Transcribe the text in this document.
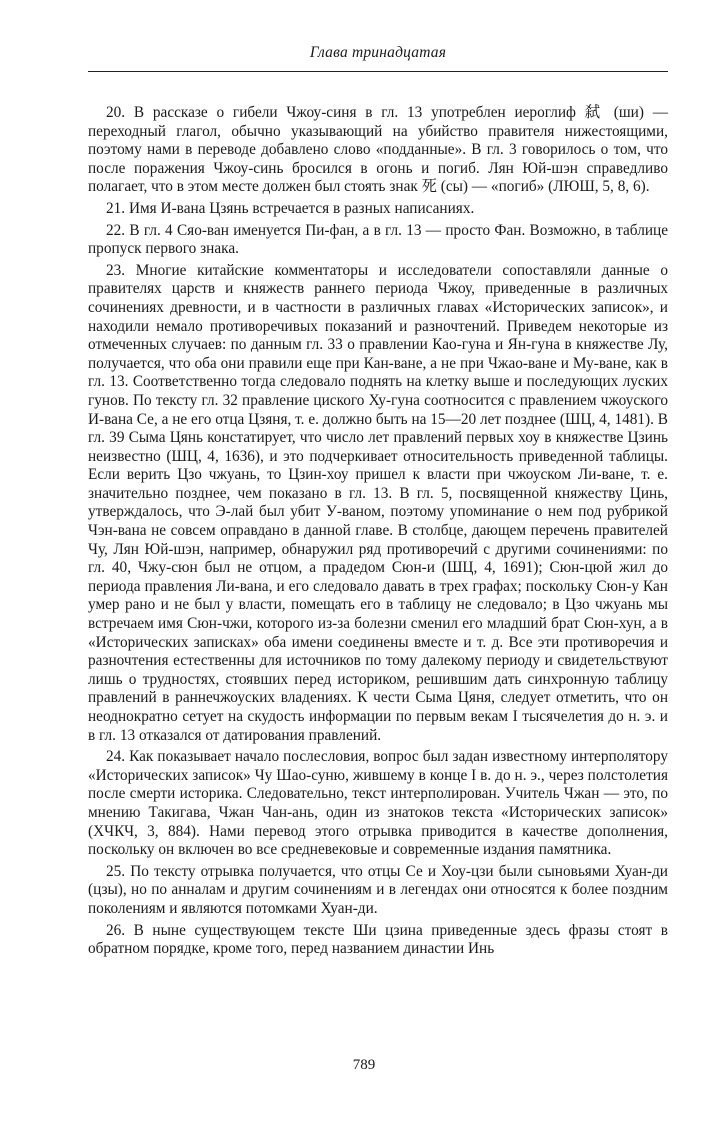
Глава тринадцатая

20. В рассказе о гибели Чжоу-синя в гл. 13 употреблен иероглиф 弑 (ши) — переходный глагол, обычно указывающий на убийство правителя нижестоящими, поэтому нами в переводе добавлено слово «подданные». В гл. 3 говорилось о том, что после поражения Чжоу-синь бросился в огонь и погиб. Лян Юй-шэн справедливо полагает, что в этом месте должен был стоять знак 死 (сы) — «погиб» (ЛЮШ, 5, 8, 6).

21. Имя И-вана Цзянь встречается в разных написаниях.

22. В гл. 4 Сяо-ван именуется Пи-фан, а в гл. 13 — просто Фан. Возможно, в таблице пропуск первого знака.

23. Многие китайские комментаторы и исследователи сопоставляли данные о правителях царств и княжеств раннего периода Чжоу, приведенные в различных сочинениях древности, и в частности в различных главах «Исторических записок», и находили немало противоречивых показаний и разночтений. Приведем некоторые из отмеченных случаев: по данным гл. 33 о правлении Као-гуна и Ян-гуна в княжестве Лу, получается, что оба они правили еще при Кан-ване, а не при Чжао-ване и Му-ване, как в гл. 13. Соответственно тогда следовало поднять на клетку выше и последующих луских гунов. По тексту гл. 32 правление циского Ху-гуна соотносится с правлением чжоуского И-вана Се, а не его отца Цзяня, т. е. должно быть на 15—20 лет позднее (ШЦ, 4, 1481). В гл. 39 Сыма Цянь констатирует, что число лет правлений первых хоу в княжестве Цзинь неизвестно (ШЦ, 4, 1636), и это подчеркивает относительность приведенной таблицы. Если верить Цзо чжуань, то Цзин-хоу пришел к власти при чжоуском Ли-ване, т. е. значительно позднее, чем показано в гл. 13. В гл. 5, посвященной княжеству Цинь, утверждалось, что Э-лай был убит У-ваном, поэтому упоминание о нем под рубрикой Чэн-вана не совсем оправдано в данной главе. В столбце, дающем перечень правителей Чу, Лян Юй-шэн, например, обнаружил ряд противоречий с другими сочинениями: по гл. 40, Чжу-сюн был не отцом, а прадедом Сюн-и (ШЦ, 4, 1691); Сюн-цюй жил до периода правления Ли-вана, и его следовало давать в трех графах; поскольку Сюн-у Кан умер рано и не был у власти, помещать его в таблицу не следовало; в Цзо чжуань мы встречаем имя Сюн-чжи, которого из-за болезни сменил его младший брат Сюн-хун, а в «Исторических записках» оба имени соединены вместе и т. д. Все эти противоречия и разночтения естественны для источников по тому далекому периоду и свидетельствуют лишь о трудностях, стоявших перед историком, решившим дать синхронную таблицу правлений в раннечжоуских владениях. К чести Сыма Цяня, следует отметить, что он неоднократно сетует на скудость информации по первым векам I тысячелетия до н. э. и в гл. 13 отказался от датирования правлений.

24. Как показывает начало послесловия, вопрос был задан известному интерполятору «Исторических записок» Чу Шао-суню, жившему в конце I в. до н. э., через полстолетия после смерти историка. Следовательно, текст интерполирован. Учитель Чжан — это, по мнению Такигава, Чжан Чан-ань, один из знатоков текста «Исторических записок» (ХЧКЧ, 3, 884). Нами перевод этого отрывка приводится в качестве дополнения, поскольку он включен во все средневековые и современные издания памятника.

25. По тексту отрывка получается, что отцы Се и Хоу-цзи были сыновьями Хуан-ди (цзы), но по анналам и другим сочинениям и в легендах они относятся к более поздним поколениям и являются потомками Хуан-ди.

26. В ныне существующем тексте Ши цзина приведенные здесь фразы стоят в обратном порядке, кроме того, перед названием династии Инь

789
